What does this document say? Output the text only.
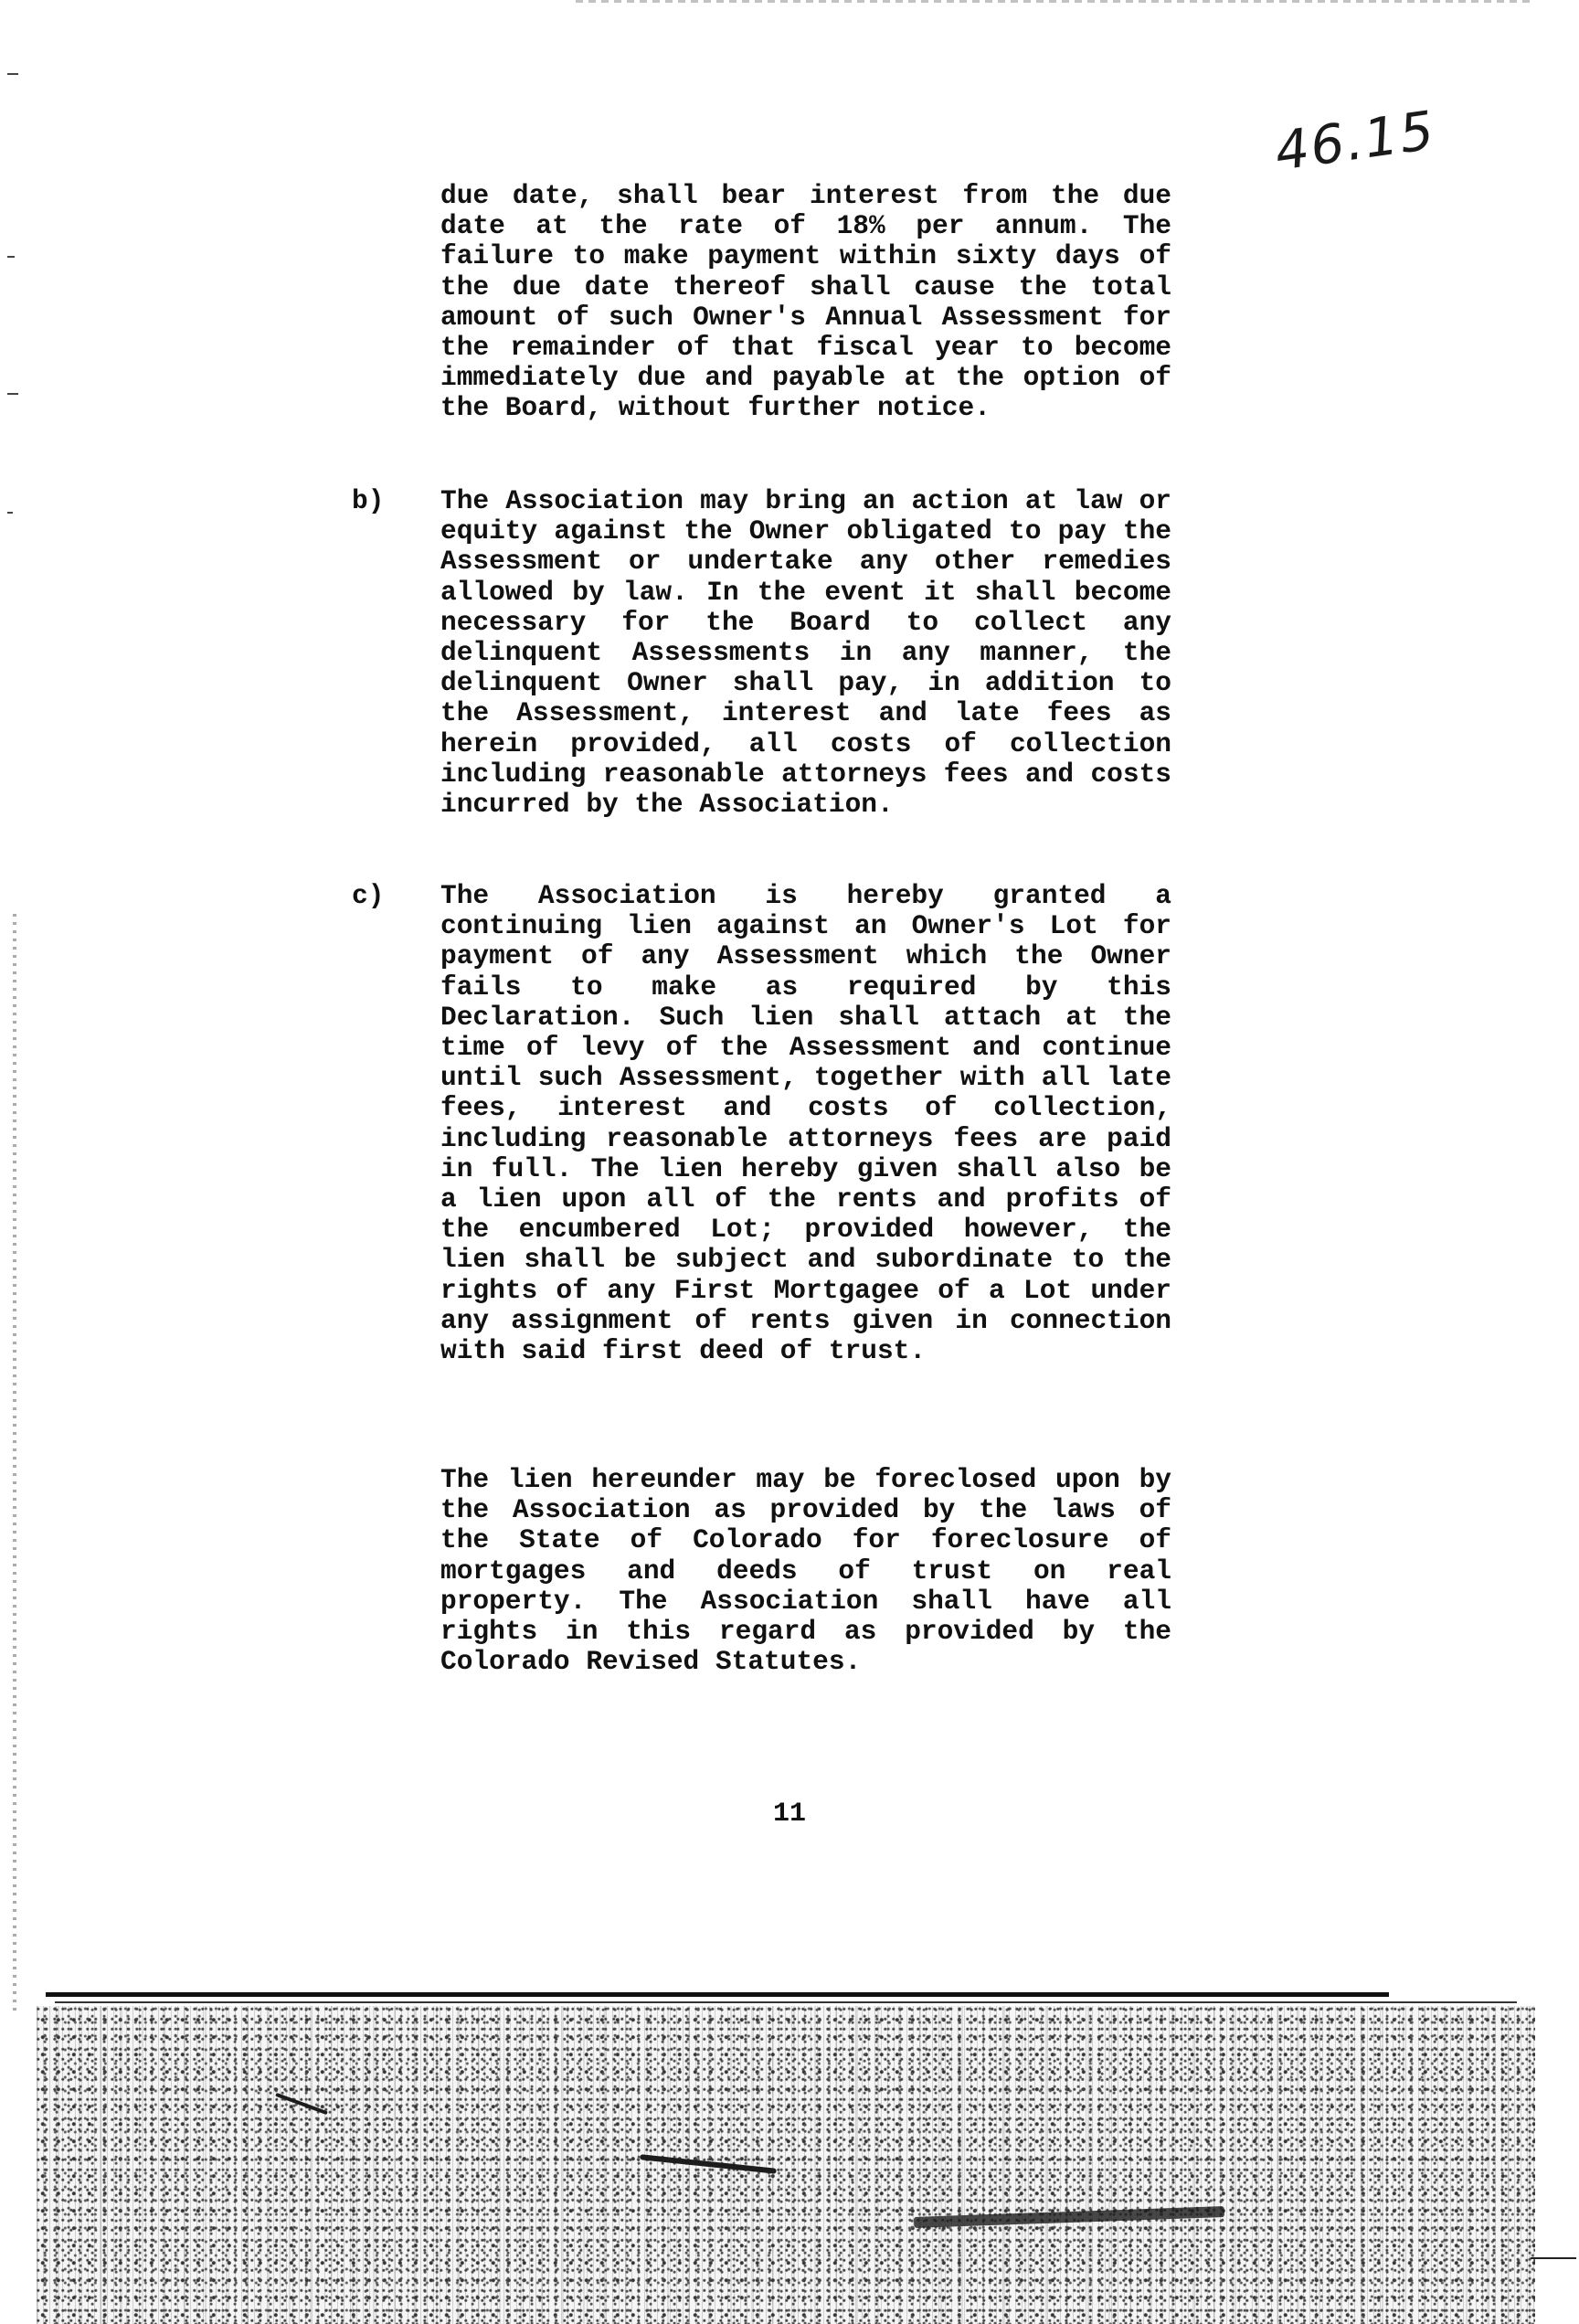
46.15
due date, shall bear interest from the due date at the rate of 18% per annum. The failure to make payment within sixty days of the due date thereof shall cause the total amount of such Owner's Annual Assessment for the remainder of that fiscal year to become immediately due and payable at the option of the Board, without further notice.
b) The Association may bring an action at law or equity against the Owner obligated to pay the Assessment or undertake any other remedies allowed by law. In the event it shall become necessary for the Board to collect any delinquent Assessments in any manner, the delinquent Owner shall pay, in addition to the Assessment, interest and late fees as herein provided, all costs of collection including reasonable attorneys fees and costs incurred by the Association.
c) The Association is hereby granted a continuing lien against an Owner's Lot for payment of any Assessment which the Owner fails to make as required by this Declaration. Such lien shall attach at the time of levy of the Assessment and continue until such Assessment, together with all late fees, interest and costs of collection, including reasonable attorneys fees are paid in full. The lien hereby given shall also be a lien upon all of the rents and profits of the encumbered Lot; provided however, the lien shall be subject and subordinate to the rights of any First Mortgagee of a Lot under any assignment of rents given in connection with said first deed of trust.
The lien hereunder may be foreclosed upon by the Association as provided by the laws of the State of Colorado for foreclosure of mortgages and deeds of trust on real property. The Association shall have all rights in this regard as provided by the Colorado Revised Statutes.
11
